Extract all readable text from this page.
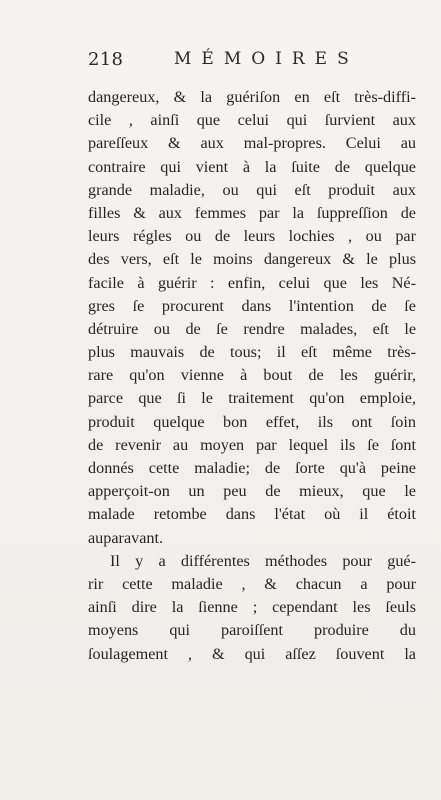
218	MÉMOIRES
dangereux, & la guériſon en eſt très-diffi-
cile , ainſi que celui qui ſurvient aux
pareſſeux & aux mal-propres. Celui au
contraire qui vient à la ſuite de quelque
grande maladie, ou qui eſt produit aux
filles & aux femmes par la ſuppreſſion de
leurs régles ou de leurs lochies , ou par
des vers, eſt le moins dangereux & le plus
facile à guérir : enfin, celui que les Né-
gres ſe procurent dans l'intention de ſe
détruire ou de ſe rendre malades, eſt le
plus mauvais de tous; il eſt même très-
rare qu'on vienne à bout de les guérir,
parce que ſi le traitement qu'on emploie,
produit quelque bon effet, ils ont ſoin
de revenir au moyen par lequel ils ſe ſont
donnés cette maladie; de ſorte qu'à peine
apperçoit-on un peu de mieux, que le
malade retombe dans l'état où il étoit
auparavant.
Il y a différentes méthodes pour gué-
rir cette maladie , & chacun a pour
ainſi dire la ſienne ; cependant les ſeuls
moyens qui paroiſſent produire du
ſoulagement , & qui aſſez ſouvent la
